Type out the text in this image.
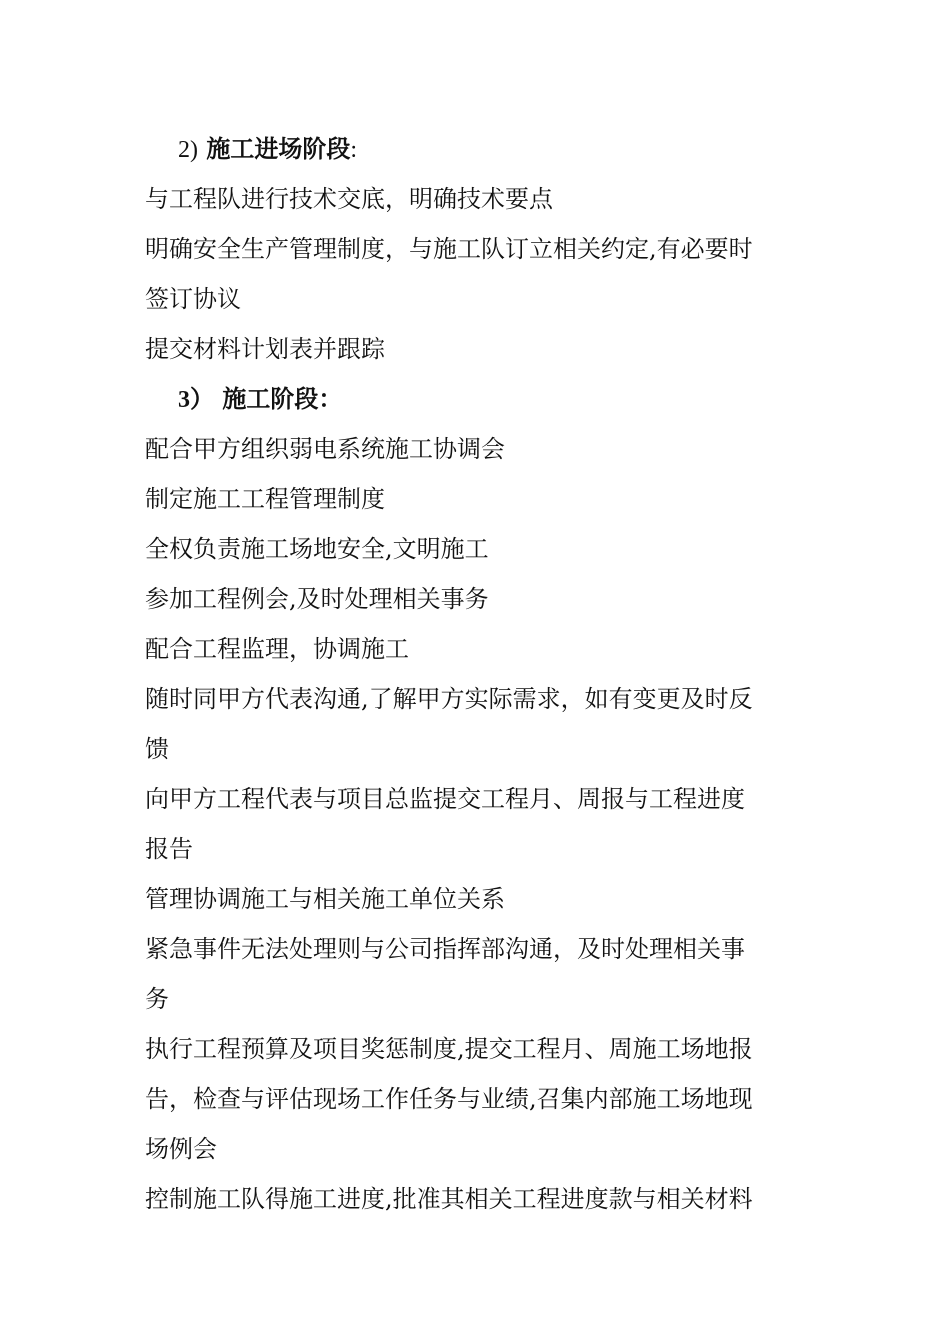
2) 施工进场阶段:

与工程队进行技术交底，明确技术要点

明确安全生产管理制度，与施工队订立相关约定,有必要时

签订协议

提交材料计划表并跟踪

3） 施工阶段：

配合甲方组织弱电系统施工协调会

制定施工工程管理制度

全权负责施工场地安全,文明施工

参加工程例会,及时处理相关事务

配合工程监理，协调施工

随时同甲方代表沟通,了解甲方实际需求，如有变更及时反

馈

向甲方工程代表与项目总监提交工程月、周报与工程进度

报告

管理协调施工与相关施工单位关系

紧急事件无法处理则与公司指挥部沟通，及时处理相关事

务

执行工程预算及项目奖惩制度,提交工程月、周施工场地报

告，检查与评估现场工作任务与业绩,召集内部施工场地现

场例会

控制施工队得施工进度,批准其相关工程进度款与相关材料
